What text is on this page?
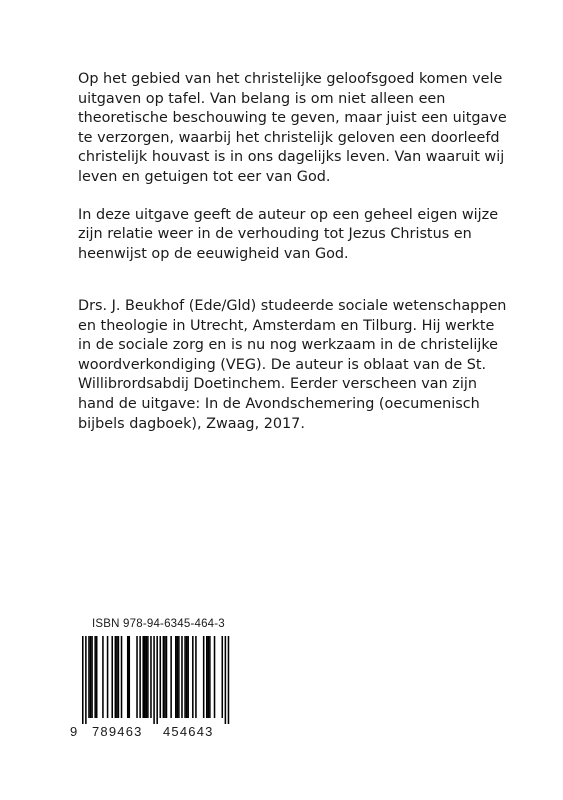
Op het gebied van het christelijke geloofsgoed komen vele uitgaven op tafel. Van belang is om niet alleen een theoretische beschouwing te geven, maar juist een uitgave te verzorgen, waarbij het christelijk geloven een doorleefd christelijk houvast is in ons dagelijks leven. Van waaruit wij leven en getuigen tot eer van God.

In deze uitgave geeft de auteur op een geheel eigen wijze zijn relatie weer in de verhouding tot Jezus Christus en heenwijst op de eeuwigheid van God.

Drs. J. Beukhof (Ede/Gld) studeerde sociale wetenschappen en theologie in Utrecht, Amsterdam en Tilburg. Hij werkte in de sociale zorg en is nu nog werkzaam in de christelijke woordverkondiging (VEG). De auteur is oblaat van de St. Willibrordsabdij Doetinchem. Eerder verscheen van zijn hand de uitgave: In de Avondschemering (oecumenisch bijbels dagboek), Zwaag, 2017.

ISBN 978-94-6345-464-3
9 789463 454643
